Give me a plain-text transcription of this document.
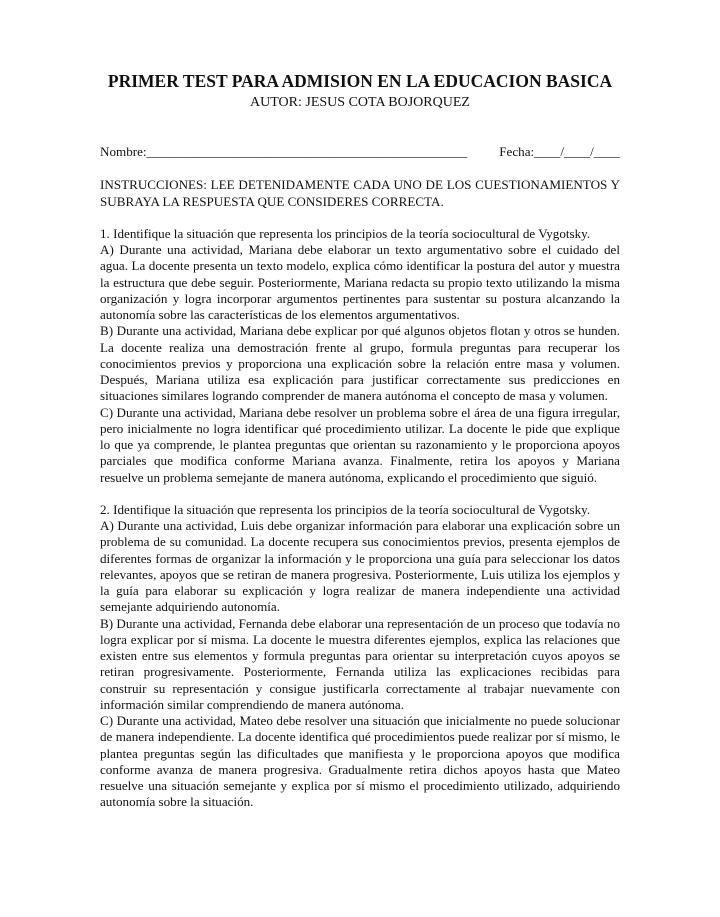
PRIMER TEST PARA ADMISION EN LA EDUCACION BASICA
AUTOR: JESUS COTA BOJORQUEZ
Nombre:_________________________________________________ Fecha:____/____/____

INSTRUCCIONES: LEE DETENIDAMENTE CADA UNO DE LOS CUESTIONAMIENTOS Y SUBRAYA LA RESPUESTA QUE CONSIDERES CORRECTA.

1. Identifique la situación que representa los principios de la teoría sociocultural de Vygotsky.

A) Durante una actividad, Mariana debe elaborar un texto argumentativo sobre el cuidado del agua. La docente presenta un texto modelo, explica cómo identificar la postura del autor y muestra la estructura que debe seguir. Posteriormente, Mariana redacta su propio texto utilizando la misma organización y logra incorporar argumentos pertinentes para sustentar su postura alcanzando la autonomía sobre las características de los elementos argumentativos.

B) Durante una actividad, Mariana debe explicar por qué algunos objetos flotan y otros se hunden. La docente realiza una demostración frente al grupo, formula preguntas para recuperar los conocimientos previos y proporciona una explicación sobre la relación entre masa y volumen. Después, Mariana utiliza esa explicación para justificar correctamente sus predicciones en situaciones similares logrando comprender de manera autónoma el concepto de masa y volumen.

C) Durante una actividad, Mariana debe resolver un problema sobre el área de una figura irregular, pero inicialmente no logra identificar qué procedimiento utilizar. La docente le pide que explique lo que ya comprende, le plantea preguntas que orientan su razonamiento y le proporciona apoyos parciales que modifica conforme Mariana avanza. Finalmente, retira los apoyos y Mariana resuelve un problema semejante de manera autónoma, explicando el procedimiento que siguió.

2. Identifique la situación que representa los principios de la teoría sociocultural de Vygotsky.

A) Durante una actividad, Luis debe organizar información para elaborar una explicación sobre un problema de su comunidad. La docente recupera sus conocimientos previos, presenta ejemplos de diferentes formas de organizar la información y le proporciona una guía para seleccionar los datos relevantes, apoyos que se retiran de manera progresiva. Posteriormente, Luis utiliza los ejemplos y la guía para elaborar su explicación y logra realizar de manera independiente una actividad semejante adquiriendo autonomía.

B) Durante una actividad, Fernanda debe elaborar una representación de un proceso que todavía no logra explicar por sí misma. La docente le muestra diferentes ejemplos, explica las relaciones que existen entre sus elementos y formula preguntas para orientar su interpretación cuyos apoyos se retiran progresivamente. Posteriormente, Fernanda utiliza las explicaciones recibidas para construir su representación y consigue justificarla correctamente al trabajar nuevamente con información similar comprendiendo de manera autónoma.

C) Durante una actividad, Mateo debe resolver una situación que inicialmente no puede solucionar de manera independiente. La docente identifica qué procedimientos puede realizar por sí mismo, le plantea preguntas según las dificultades que manifiesta y le proporciona apoyos que modifica conforme avanza de manera progresiva. Gradualmente retira dichos apoyos hasta que Mateo resuelve una situación semejante y explica por sí mismo el procedimiento utilizado, adquiriendo autonomía sobre la situación.
